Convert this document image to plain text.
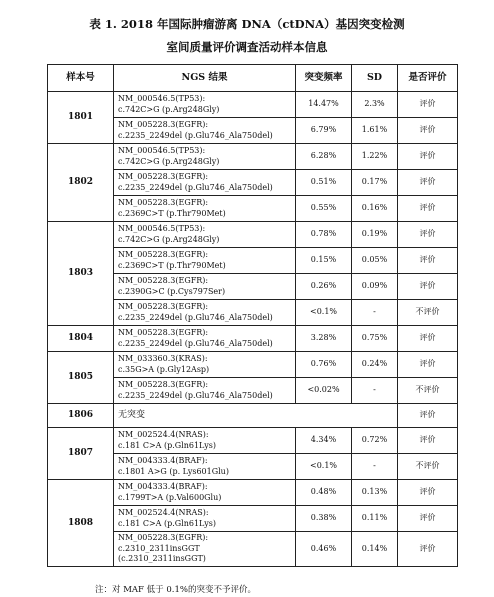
表 1. 2018 年国际肿瘤游离 DNA（ctDNA）基因突变检测
室间质量评价调查活动样本信息
样本号	NGS 结果	突变频率	SD	是否评价
1801	NM_000546.5(TP53):
c.742C>G (p.Arg248Gly)	14.47%	2.3%	评价

	NM_005228.3(EGFR):
c.2235_2249del (p.Glu746_Ala750del)	6.79%	1.61%	评价
1802	NM_000546.5(TP53):
c.742C>G (p.Arg248Gly)	6.28%	1.22%	评价

	NM_005228.3(EGFR):
c.2235_2249del (p.Glu746_Ala750del)	0.51%	0.17%	评价

	NM_005228.3(EGFR):
c.2369C>T (p.Thr790Met)	0.55%	0.16%	评价
1803	NM_000546.5(TP53):
c.742C>G (p.Arg248Gly)	0.78%	0.19%	评价

	NM_005228.3(EGFR):
c.2369C>T (p.Thr790Met)	0.15%	0.05%	评价

	NM_005228.3(EGFR):
c.2390G>C (p.Cys797Ser)	0.26%	0.09%	评价

	NM_005228.3(EGFR):
c.2235_2249del (p.Glu746_Ala750del)	<0.1%	-	不评价
1804	NM_005228.3(EGFR):
c.2235_2249del (p.Glu746_Ala750del)	3.28%	0.75%	评价
1805	NM_033360.3(KRAS):
c.35G>A (p.Gly12Asp)	0.76%	0.24%	评价

	NM_005228.3(EGFR):
c.2235_2249del (p.Glu746_Ala750del)	<0.02%	-	不评价
1806	无突变			评价
1807	NM_002524.4(NRAS):
c.181 C>A (p.Gln61Lys)	4.34%	0.72%	评价

	NM_004333.4(BRAF):
c.1801 A>G (p. Lys601Glu)	<0.1%	-	不评价
1808	NM_004333.4(BRAF):
c.1799T>A (p.Val600Glu)	0.48%	0.13%	评价

	NM_002524.4(NRAS):
c.181 C>A (p.Gln61Lys)	0.38%	0.11%	评价

	NM_005228.3(EGFR):
c.2310_2311insGGT
(c.2310_2311insGGT)	0.46%	0.14%	评价
注：对 MAF 低于 0.1%的突变不予评价。
